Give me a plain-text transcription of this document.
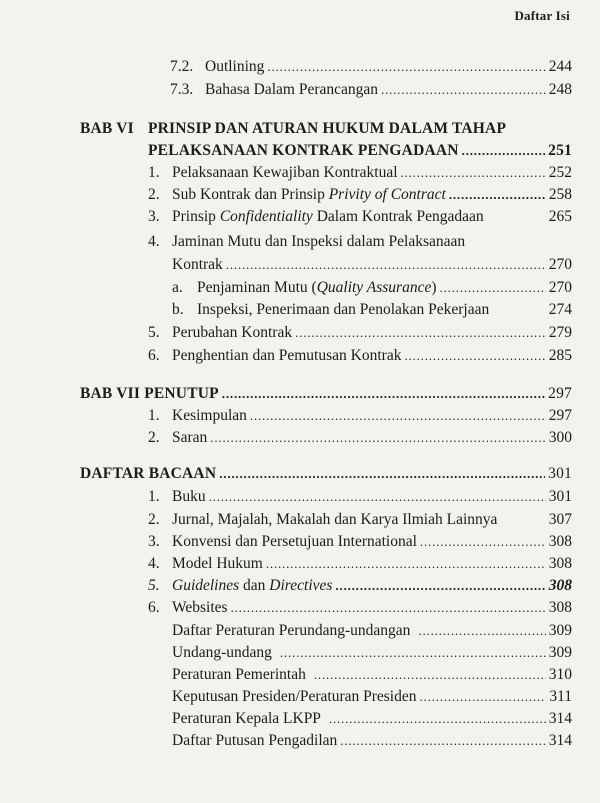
Daftar Isi
7.2. Outlining .....	244
7.3. Bahasa Dalam Perancangan .....	248
BAB VI PRINSIP DAN ATURAN HUKUM DALAM TAHAP
PELAKSANAAN KONTRAK PENGADAAN .....	251
1. Pelaksanaan Kewajiban Kontraktual .....	252
2. Sub Kontrak dan Prinsip Privity of Contract .....	258
3. Prinsip Confidentiality Dalam Kontrak Pengadaan	265
4. Jaminan Mutu dan Inspeksi dalam Pelaksanaan
Kontrak .....	270
a. Penjaminan Mutu (Quality Assurance) .....	270
b. Inspeksi, Penerimaan dan Penolakan Pekerjaan	274
5. Perubahan Kontrak .....	279
6. Penghentian dan Pemutusan Kontrak .....	285
BAB VII PENUTUP .....	297
1. Kesimpulan .....	297
2. Saran .....	300
DAFTAR BACAAN .....	301
1. Buku .....	301
2. Jurnal, Majalah, Makalah dan Karya Ilmiah Lainnya	307
3. Konvensi dan Persetujuan International .....	308
4. Model Hukum .....	308
5. Guidelines dan Directives .....	308
6. Websites .....	308
Daftar Peraturan Perundang-undangan .....	309
Undang-undang .....	309
Peraturan Pemerintah .....	310
Keputusan Presiden/Peraturan Presiden .....	311
Peraturan Kepala LKPP .....	314
Daftar Putusan Pengadilan .....	314
